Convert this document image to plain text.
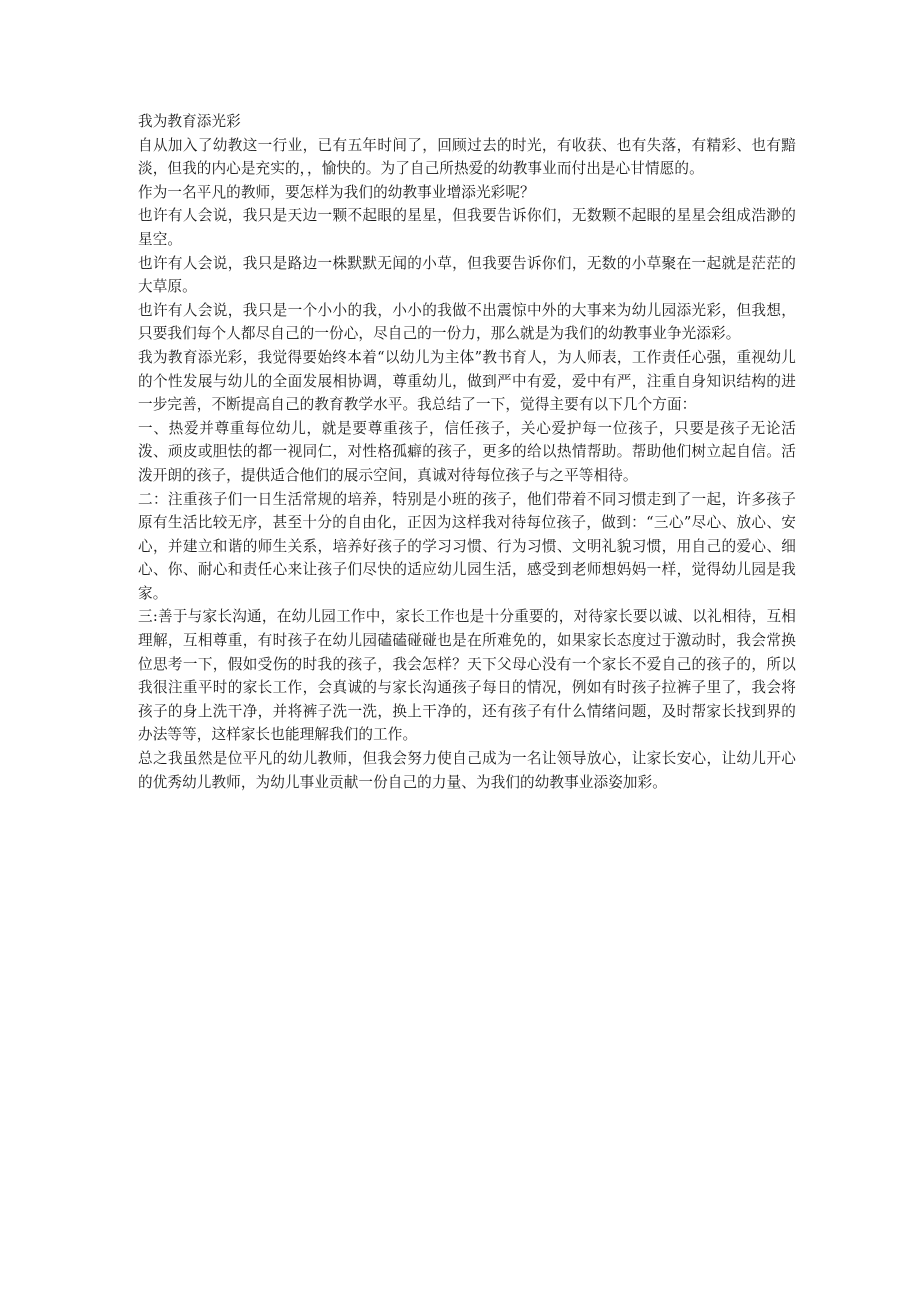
我为教育添光彩

自从加入了幼教这一行业，已有五年时间了，回顾过去的时光，有收获、也有失落，有精彩、也有黯淡，但我的内心是充实的，，愉快的。为了自己所热爱的幼教事业而付出是心甘情愿的。

作为一名平凡的教师，要怎样为我们的幼教事业增添光彩呢？

也许有人会说，我只是天边一颗不起眼的星星，但我要告诉你们，无数颗不起眼的星星会组成浩渺的星空。

也许有人会说，我只是路边一株默默无闻的小草，但我要告诉你们，无数的小草聚在一起就是茫茫的大草原。

也许有人会说，我只是一个小小的我，小小的我做不出震惊中外的大事来为幼儿园添光彩，但我想，只要我们每个人都尽自己的一份心，尽自己的一份力，那么就是为我们的幼教事业争光添彩。

我为教育添光彩，我觉得要始终本着“以幼儿为主体”教书育人，为人师表，工作责任心强，重视幼儿的个性发展与幼儿的全面发展相协调，尊重幼儿，做到严中有爱，爱中有严，注重自身知识结构的进一步完善，不断提高自己的教育教学水平。我总结了一下，觉得主要有以下几个方面：

一、热爱并尊重每位幼儿，就是要尊重孩子，信任孩子，关心爱护每一位孩子，只要是孩子无论活泼、顽皮或胆怯的都一视同仁，对性格孤癖的孩子，更多的给以热情帮助。帮助他们树立起自信。活泼开朗的孩子，提供适合他们的展示空间，真诚对待每位孩子与之平等相待。

二：注重孩子们一日生活常规的培养，特别是小班的孩子，他们带着不同习惯走到了一起，许多孩子原有生活比较无序，甚至十分的自由化，正因为这样我对待每位孩子，做到：“三心”尽心、放心、安心，并建立和谐的师生关系，培养好孩子的学习习惯、行为习惯、文明礼貌习惯，用自己的爱心、细心、你、耐心和责任心来让孩子们尽快的适应幼儿园生活，感受到老师想妈妈一样，觉得幼儿园是我家。

三:善于与家长沟通，在幼儿园工作中，家长工作也是十分重要的，对待家长要以诚、以礼相待，互相理解，互相尊重，有时孩子在幼儿园磕磕碰碰也是在所难免的，如果家长态度过于激动时，我会常换位思考一下，假如受伤的时我的孩子，我会怎样？天下父母心没有一个家长不爱自己的孩子的，所以我很注重平时的家长工作，会真诚的与家长沟通孩子每日的情况，例如有时孩子拉裤子里了，我会将孩子的身上洗干净，并将裤子洗一洗，换上干净的，还有孩子有什么情绪问题，及时帮家长找到界的办法等等，这样家长也能理解我们的工作。

总之我虽然是位平凡的幼儿教师，但我会努力使自己成为一名让领导放心，让家长安心，让幼儿开心的优秀幼儿教师，为幼儿事业贡献一份自己的力量、为我们的幼教事业添姿加彩。
